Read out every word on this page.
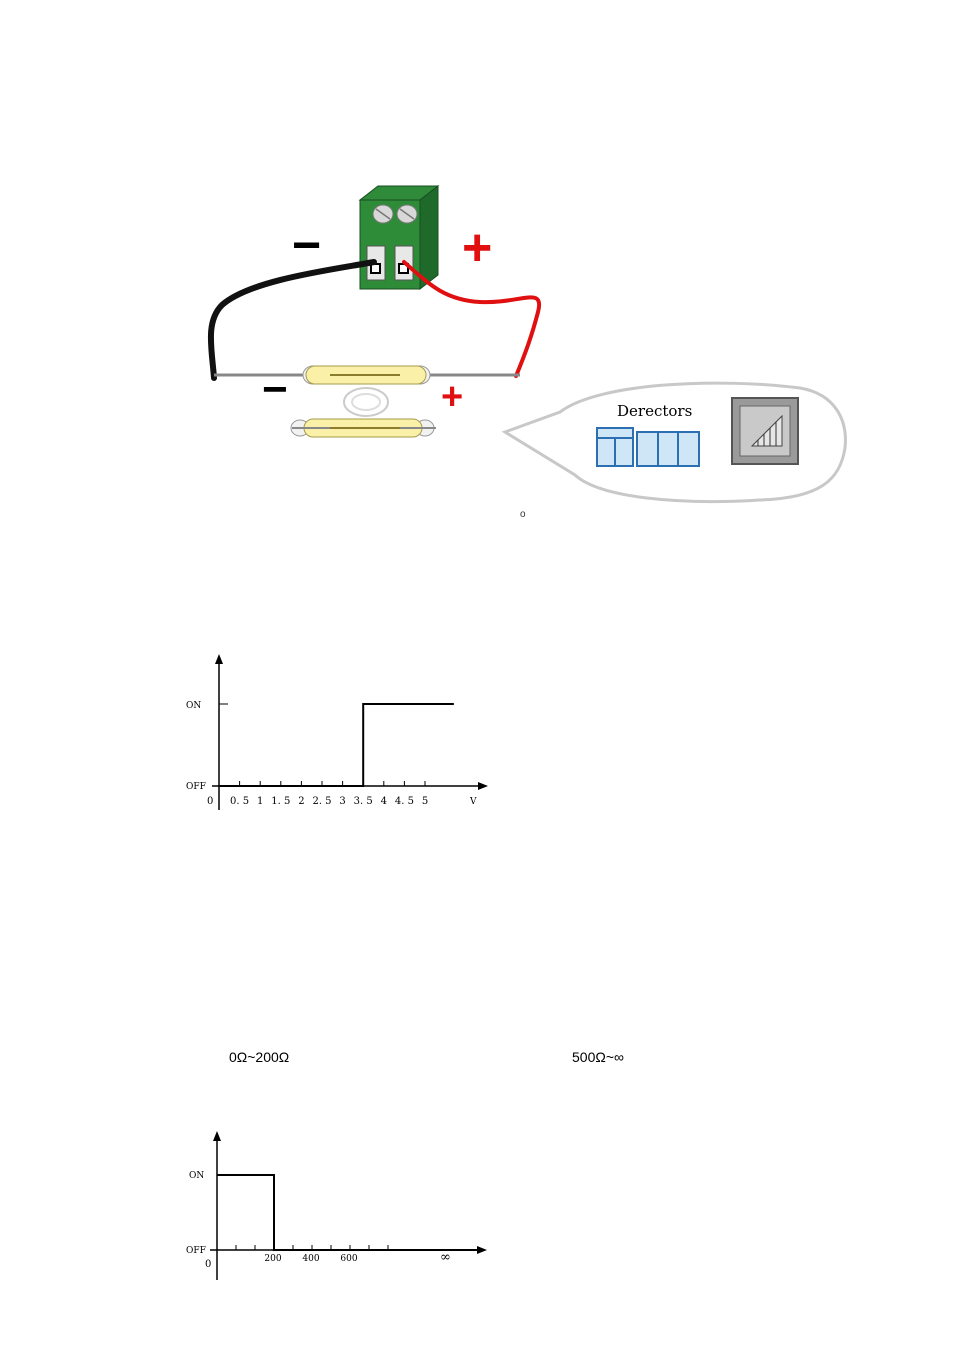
−	+
−	+	Derectors
o
ON
OFF
0	V
0. 5 1 1. 5 2 2. 5 3 3. 5 4 4. 5 5
0Ω~200Ω	500Ω~∞
ON
OFF
0	200 400 600	∞
